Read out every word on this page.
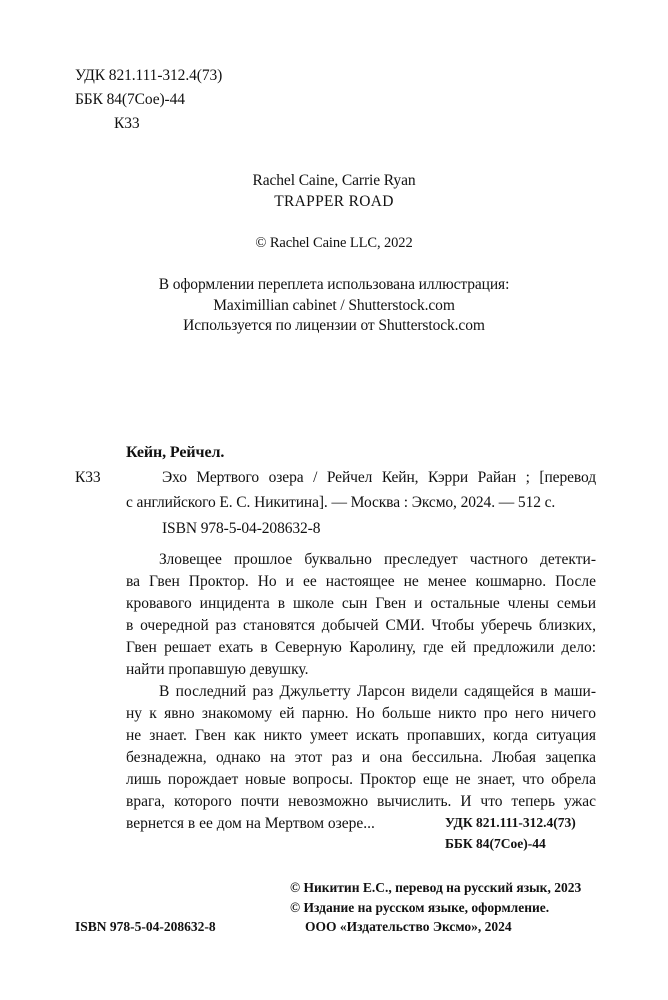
УДК 821.111-312.4(73)
ББК 84(7Сое)-44
К33
Rachel Caine, Carrie Ryan
TRAPPER ROAD
© Rachel Caine LLC, 2022
В оформлении переплета использована иллюстрация:
Maximillian cabinet / Shutterstock.com
Используется по лицензии от Shutterstock.com
Кейн, Рейчел.
К33	Эхо Мертвого озера / Рейчел Кейн, Кэрри Райан ; [перевод
с английского Е. С. Никитина]. — Москва : Эксмо, 2024. — 512 с.
ISBN 978-5-04-208632-8
Зловещее прошлое буквально преследует частного детекти-
ва Гвен Проктор. Но и ее настоящее не менее кошмарно. После
кровавого инцидента в школе сын Гвен и остальные члены семьи
в очередной раз становятся добычей СМИ. Чтобы уберечь близких,
Гвен решает ехать в Северную Каролину, где ей предложили дело:
найти пропавшую девушку.
В последний раз Джульетту Ларсон видели садящейся в маши-
ну к явно знакомому ей парню. Но больше никто про него ничего
не знает. Гвен как никто умеет искать пропавших, когда ситуация
безнадежна, однако на этот раз и она бессильна. Любая зацепка
лишь порождает новые вопросы. Проктор еще не знает, что обрела
врага, которого почти невозможно вычислить. И что теперь ужас
вернется в ее дом на Мертвом озере...	УДК 821.111-312.4(73)
ББК 84(7Сое)-44
© Никитин Е.С., перевод на русский язык, 2023
© Издание на русском языке, оформление.
ISBN 978-5-04-208632-8	ООО «Издательство Эксмо», 2024
